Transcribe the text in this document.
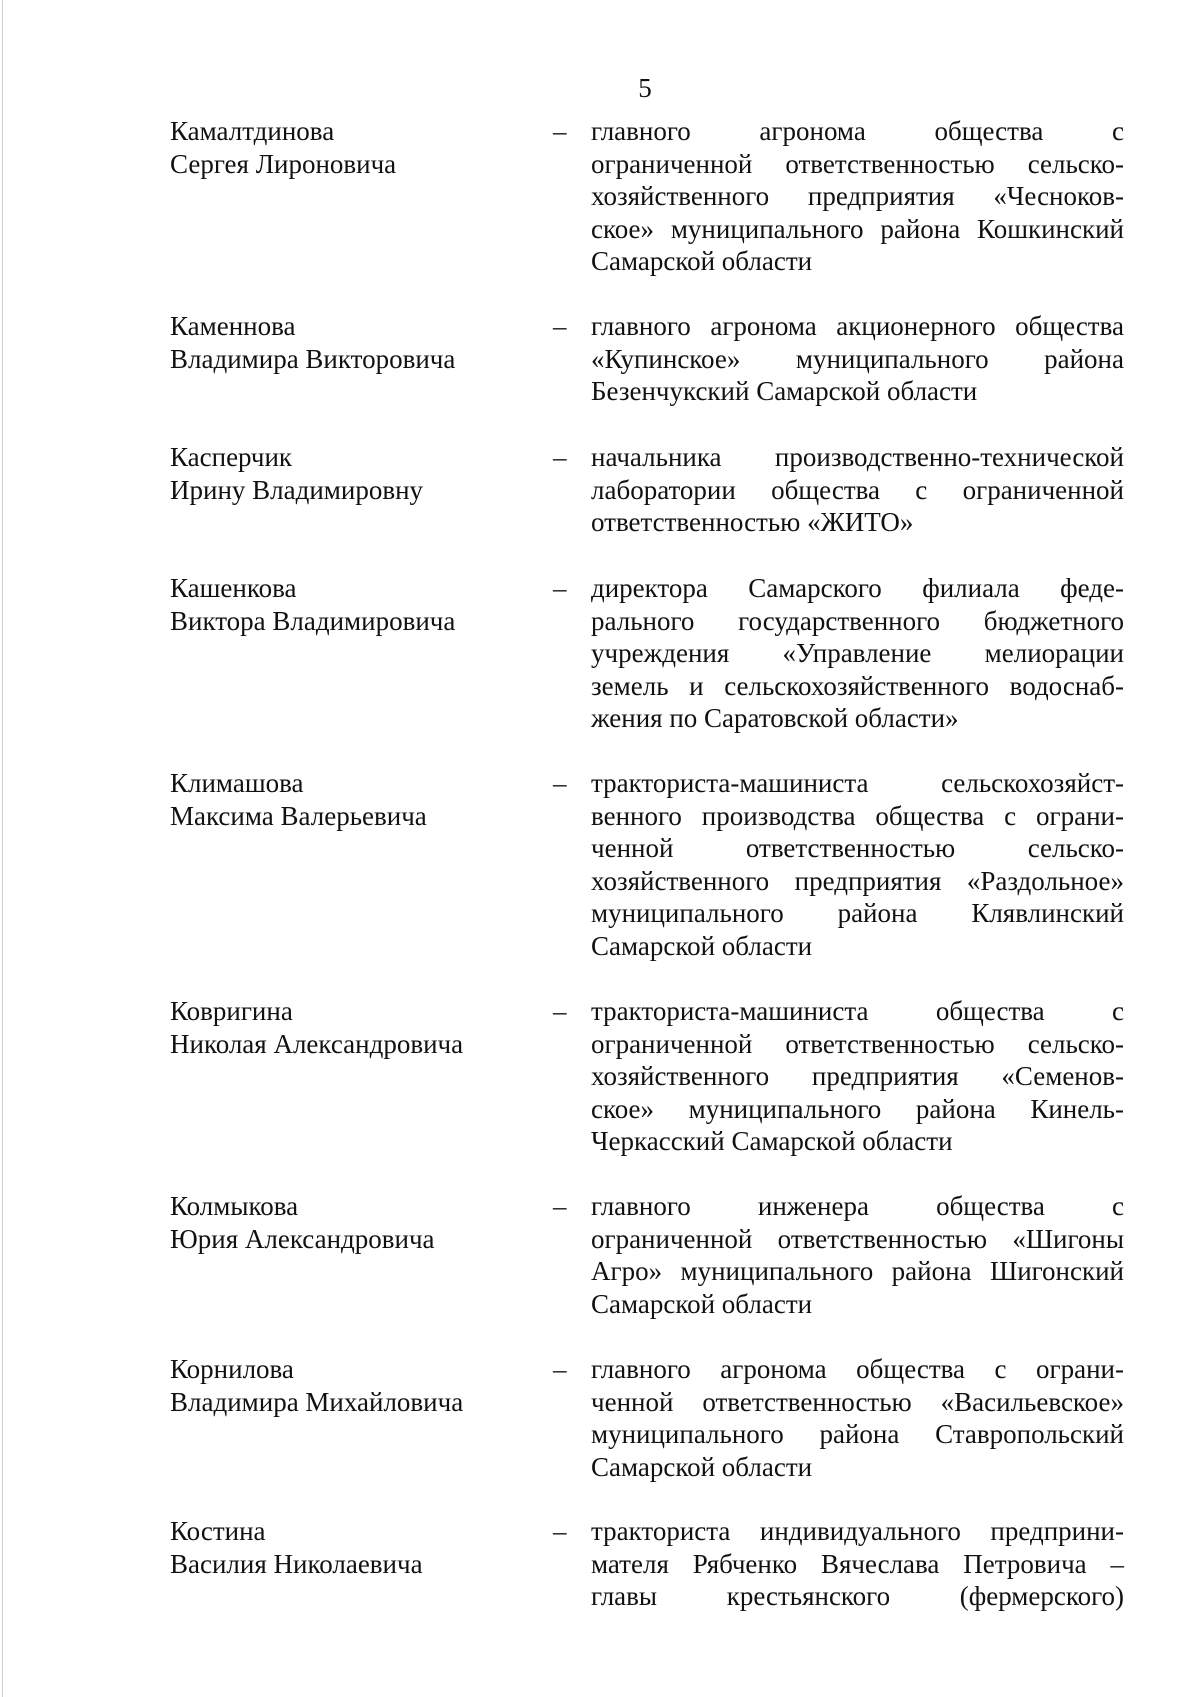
5
Камалтдинова
Сергея Лироновича
– главного агронома общества с
ограниченной ответственностью сельско-
хозяйственного предприятия «Чесноков-
ское» муниципального района Кошкинский
Самарской области
Каменнова
Владимира Викторовича
– главного агронома акционерного общества
«Купинское» муниципального района
Безенчукский Самарской области
Касперчик
Ирину Владимировну
– начальника производственно-технической
лаборатории общества с ограниченной
ответственностью «ЖИТО»
Кашенкова
Виктора Владимировича
– директора Самарского филиала феде-
рального государственного бюджетного
учреждения «Управление мелиорации
земель и сельскохозяйственного водоснаб-
жения по Саратовской области»
Климашова
Максима Валерьевича
– тракториста-машиниста сельскохозяйст-
венного производства общества с ограни-
ченной ответственностью сельско-
хозяйственного предприятия «Раздольное»
муниципального района Клявлинский
Самарской области
Ковригина
Николая Александровича
– тракториста-машиниста общества с
ограниченной ответственностью сельско-
хозяйственного предприятия «Семенов-
ское» муниципального района Кинель-
Черкасский Самарской области
Колмыкова
Юрия Александровича
– главного инженера общества с
ограниченной ответственностью «Шигоны
Агро» муниципального района Шигонский
Самарской области
Корнилова
Владимира Михайловича
– главного агронома общества с ограни-
ченной ответственностью «Васильевское»
муниципального района Ставропольский
Самарской области
Костина
Василия Николаевича
– тракториста индивидуального предприни-
мателя Рябченко Вячеслава Петровича –
главы крестьянского (фермерского)
